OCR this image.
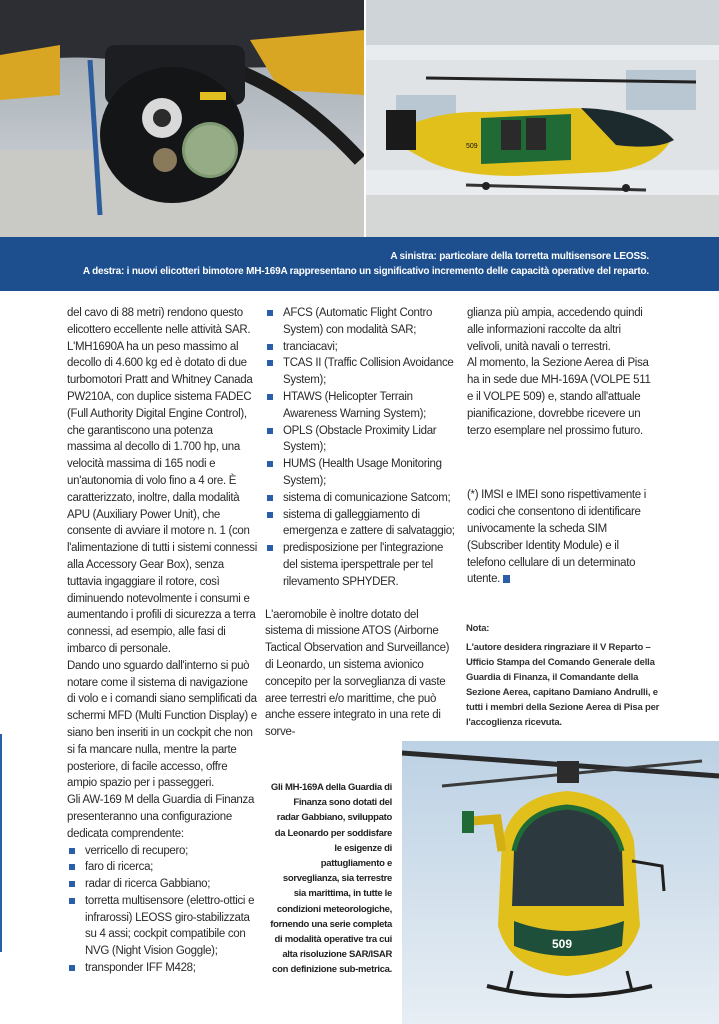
509
A sinistra: particolare della torretta multisensore LEOSS.
A destra: i nuovi elicotteri bimotore MH-169A rappresentano un significativo incremento delle capacità operative del reparto.

del cavo di 88 metri) rendono questo elicottero eccellente nelle attività SAR.

L'MH1690A ha un peso massimo al decollo di 4.600 kg ed è dotato di due turbomotori Pratt and Whitney Canada PW210A, con duplice sistema FADEC (Full Authority Digital Engine Control), che garantiscono una potenza massima al decollo di 1.700 hp, una velocità massima di 165 nodi e un'autonomia di volo fino a 4 ore. È caratterizzato, inoltre, dalla modalità APU (Auxiliary Power Unit), che consente di avviare il motore n. 1 (con l'alimentazione di tutti i sistemi connessi alla Accessory Gear Box), senza tuttavia ingaggiare il rotore, così diminuendo notevolmente i consumi e aumentando i profili di sicurezza a terra connessi, ad esempio, alle fasi di imbarco di personale.

Dando uno sguardo dall'interno si può notare come il sistema di navigazione di volo e i comandi siano semplificati da schermi MFD (Multi Function Display) e siano ben inseriti in un cockpit che non si fa mancare nulla, mentre la parte posteriore, di facile accesso, offre ampio spazio per i passeggeri.

Gli AW-169 M della Guardia di Finanza presenteranno una configurazione dedicata comprendente:

verricello di recupero;
faro di ricerca;
radar di ricerca Gabbiano;
torretta multisensore (elettro-ottici e infrarossi) LEOSS giro-stabilizzata su 4 assi; cockpit compatibile con NVG (Night Vision Goggle);
transponder IFF M428;
AFCS (Automatic Flight Contro System) con modalità SAR;
tranciacavi;
TCAS II (Traffic Collision Avoidance System);
HTAWS (Helicopter Terrain Awareness Warning System);
OPLS (Obstacle Proximity Lidar System);
HUMS (Health Usage Monitoring System);
sistema di comunicazione Satcom;
sistema di galleggiamento di emergenza e zattere di salvataggio;
predisposizione per l'integrazione del sistema iperspettrale per tel rilevamento SPHYDER.

L'aeromobile è inoltre dotato del sistema di missione ATOS (Airborne Tactical Observation and Surveillance) di Leonardo, un sistema avionico concepito per la sorveglianza di vaste aree terrestri e/o marittime, che può anche essere integrato in una rete di sorve-

glianza più ampia, accedendo quindi alle informazioni raccolte da altri velivoli, unità navali o terrestri.

Al momento, la Sezione Aerea di Pisa ha in sede due MH-169A (VOLPE 511 e il VOLPE 509) e, stando all'attuale pianificazione, dovrebbe ricevere un terzo esemplare nel prossimo futuro.

(*) IMSI e IMEI sono rispettivamente i codici che consentono di identificare univocamente la scheda SIM (Subscriber Identity Module) e il telefono cellulare di un determinato utente.

Nota:
L'autore desidera ringraziare il V Reparto – Ufficio Stampa del Comando Generale della Guardia di Finanza, il Comandante della Sezione Aerea, capitano Damiano Andrulli, e tutti i membri della Sezione Aerea di Pisa per l'accoglienza ricevuta.
Gli MH-169A della Guardia di Finanza sono dotati del radar Gabbiano, sviluppato da Leonardo per soddisfare le esigenze di pattugliamento e sorveglianza, sia terrestre sia marittima, in tutte le condizioni meteorologiche, fornendo una serie completa di modalità operative tra cui alta risoluzione SAR/ISAR con definizione sub-metrica.
509
